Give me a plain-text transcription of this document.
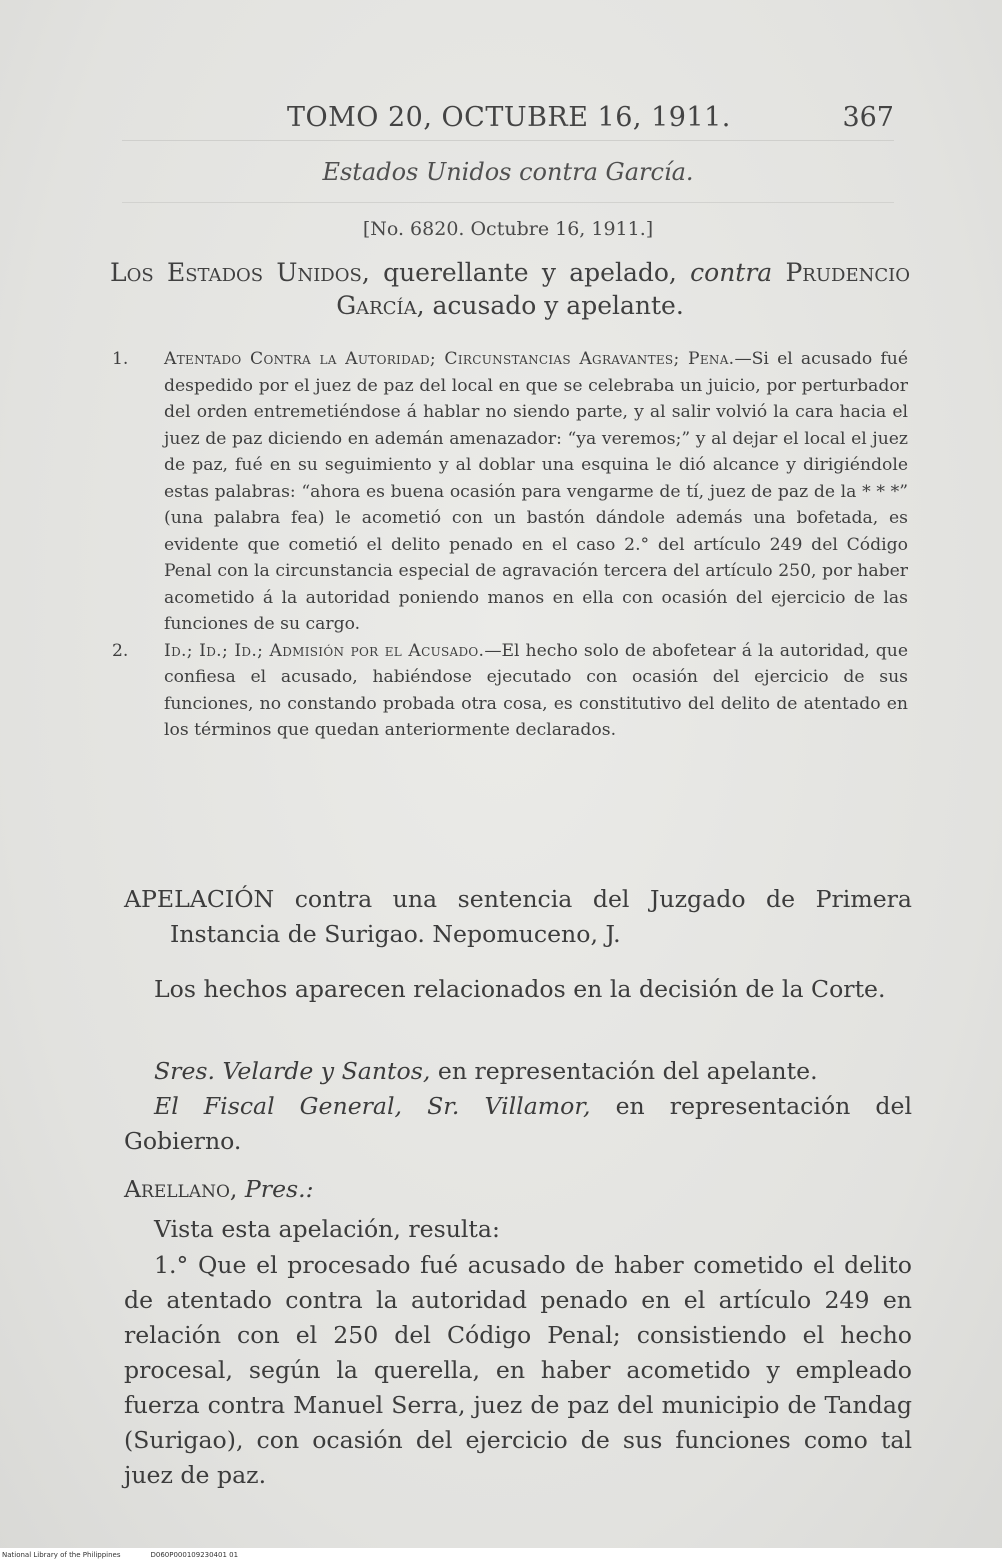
TOMO 20, OCTUBRE 16, 1911.	367
Estados Unidos contra García.
[No. 6820. Octubre 16, 1911.]
Los Estados Unidos, querellante y apelado, contra Prudencio García, acusado y apelante.
1.	Atentado Contra la Autoridad; Circunstancias Agravantes; Pena.—Si el acusado fué despedido por el juez de paz del local en que se celebraba un juicio, por perturbador del orden entremetiéndose á hablar no siendo parte, y al salir volvió la cara hacia el juez de paz diciendo en ademán amenazador: “ya veremos;” y al dejar el local el juez de paz, fué en su seguimiento y al doblar una esquina le dió alcance y dirigiéndole estas palabras: “ahora es buena ocasión para vengarme de tí, juez de paz de la * * *” (una palabra fea) le acometió con un bastón dándole además una bofetada, es evidente que cometió el delito penado en el caso 2.° del artículo 249 del Código Penal con la circunstancia especial de agravación tercera del artículo 250, por haber acometido á la autoridad poniendo manos en ella con ocasión del ejercicio de las funciones de su cargo.
2.	Id.; Id.; Id.; Admisión por el Acusado.—El hecho solo de abofetear á la autoridad, que confiesa el acusado, habiéndose ejecutado con ocasión del ejercicio de sus funciones, no constando probada otra cosa, es constitutivo del delito de atentado en los términos que quedan anteriormente declarados.

APELACIÓN contra una sentencia del Juzgado de Primera Instancia de Surigao. Nepomuceno, J.

Los hechos aparecen relacionados en la decisión de la Corte.

Sres. Velarde y Santos, en representación del apelante.

El Fiscal General, Sr. Villamor, en representación del Gobierno.

Arellano, Pres.:
Vista esta apelación, resulta:
1.° Que el procesado fué acusado de haber cometido el delito de atentado contra la autoridad penado en el artículo 249 en relación con el 250 del Código Penal; consistiendo el hecho procesal, según la querella, en haber acometido y empleado fuerza contra Manuel Serra, juez de paz del municipio de Tandag (Surigao), con ocasión del ejercicio de sus funciones como tal juez de paz.
National Library of the Philippines	D060P000109230401 01
